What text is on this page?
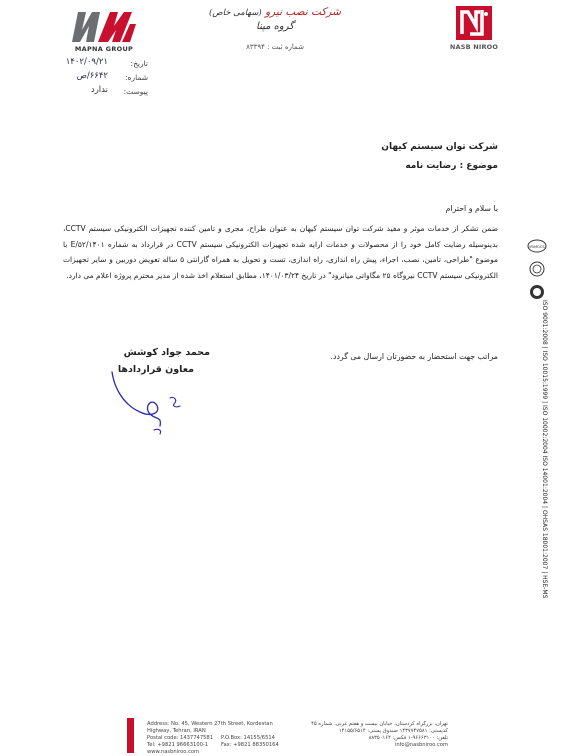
MAPNA GROUP
شرکت نصب نیرو (سهامی خاص)
گروه مپنا
شماره ثبت : ۸۳۳۹۴	NASB NIROO
تاریخ:
۱۴۰۲/۰۹/۲۱
شماره:
۶۶۴۲/ص
پیوست:
ندارد
شرکت توان سیستم کیهان
موضوع : رضایت نامه
با سلام و احترام
ضمن تشکر از خدمات موثر و مفید شرکت توان سیستم کیهان به عنوان طراح، مجری و تامین کننده تجهیزات الکترونیکی سیستم CCTV، بدینوسیله رضایت کامل خود را از محصولات و خدمات ارایه شده تجهیزات الکترونیکی سیستم CCTV در قرارداد به شماره ۱۴۰۱/E/۵۲ با موضوع "طراحی، تامین، نصب، اجراء، پیش راه اندازی، راه اندازی، تست و تحویل به همراه گارانتی ۵ ساله تعویض دوربین و سایر تجهیزات الکترونیکی سیستم CCTV نیروگاه ۲۵ مگاواتی میانرود" در تاریخ ۱۴۰۱/۰۳/۲۴، مطابق استعلام اخذ شده از مدیر محترم پروژه اعلام می دارد.
مراتب جهت استحضار به حضورتان ارسال می گردد.
محمد جواد کوشش
معاون قراردادها
IRIMOCS

ISO 9001:2008 | ISO 10015:1999 | ISO 10002:2004 ISO 14001:2004 | OHSAS 18001:2007 | HSE-MS
Address: No. 45, Western 27th Street, Kordestan
Highway, Tehran, IRAN
Postal code: 1437747581 P.O.Box: 14155/6514
Tel: +9821 96663100-1 Fax: +9821 88350164
www.nasbniroo.com
تهران، بزرگراه کردستان، خیابان بیست و هفتم غربی، شماره ۴۵
کدپستی: ۱۴۳۷۷۴۷۵۸۱ صندوق پستی: ۱۴۱۵۵/۶۵۱۴
تلفن: ۹۶۶۶۳۱۰۰-۱ فکس: ۸۸۳۵۰۱۶۴
info@nasbniroo.com
